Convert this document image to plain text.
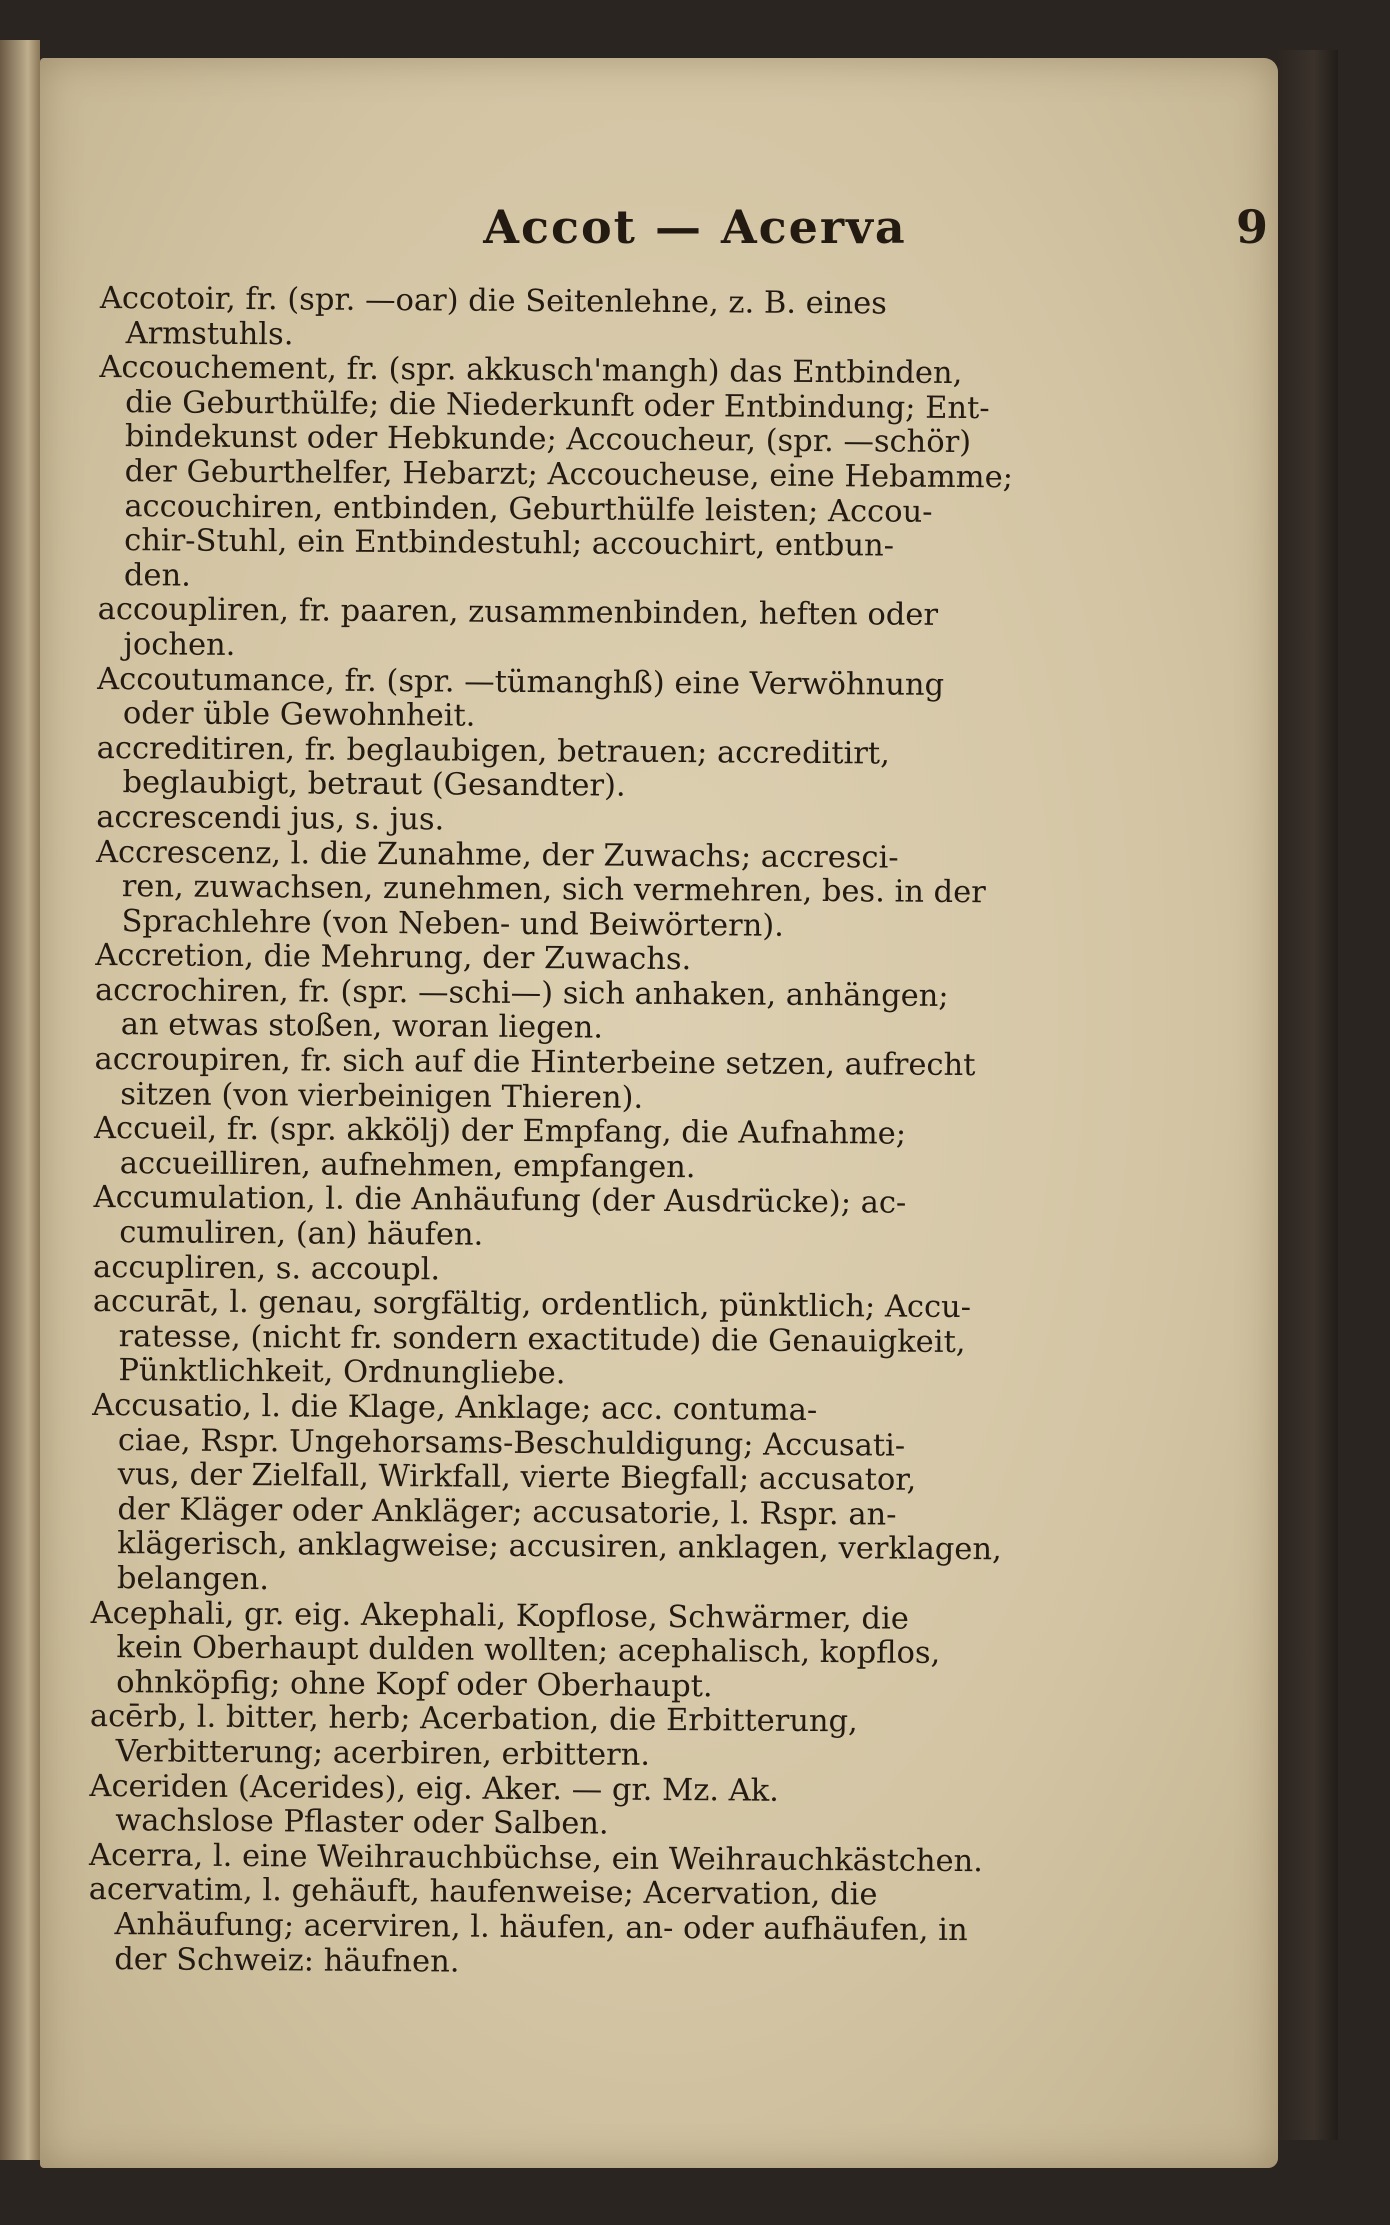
Accot — Acerva	9
Accotoir, fr. (spr. —oar) die Seitenlehne, z. B. eines
Armstuhls.
Accouchement, fr. (spr. akkusch'mangh) das Entbinden,
die Geburthülfe; die Niederkunft oder Entbindung; Ent-
bindekunst oder Hebkunde; Accoucheur, (spr. —schör)
der Geburthelfer, Hebarzt; Accoucheuse, eine Hebamme;
accouchiren, entbinden, Geburthülfe leisten; Accou-
chir-Stuhl, ein Entbindestuhl; accouchirt, entbun-
den.
accoupliren, fr. paaren, zusammenbinden, heften oder
jochen.
Accoutumance, fr. (spr. —tümanghß) eine Verwöhnung
oder üble Gewohnheit.
accreditiren, fr. beglaubigen, betrauen; accreditirt,
beglaubigt, betraut (Gesandter).
accrescendi jus, s. jus.
Accrescenz, l. die Zunahme, der Zuwachs; accresci-
ren, zuwachsen, zunehmen, sich vermehren, bes. in der
Sprachlehre (von Neben- und Beiwörtern).
Accretion, die Mehrung, der Zuwachs.
accrochiren, fr. (spr. —schi—) sich anhaken, anhängen;
an etwas stoßen, woran liegen.
accroupiren, fr. sich auf die Hinterbeine setzen, aufrecht
sitzen (von vierbeinigen Thieren).
Accueil, fr. (spr. akkölj) der Empfang, die Aufnahme;
accueilliren, aufnehmen, empfangen.
Accumulation, l. die Anhäufung (der Ausdrücke); ac-
cumuliren, (an) häufen.
accupliren, s. accoupl.
accurāt, l. genau, sorgfältig, ordentlich, pünktlich; Accu-
ratesse, (nicht fr. sondern exactitude) die Genauigkeit,
Pünktlichkeit, Ordnungliebe.
Accusatio, l. die Klage, Anklage; acc. contuma-
ciae, Rspr. Ungehorsams-Beschuldigung; Accusati-
vus, der Zielfall, Wirkfall, vierte Biegfall; accusator,
der Kläger oder Ankläger; accusatorie, l. Rspr. an-
klägerisch, anklagweise; accusiren, anklagen, verklagen,
belangen.
Acephali, gr. eig. Akephali, Kopflose, Schwärmer, die
kein Oberhaupt dulden wollten; acephalisch, kopflos,
ohnköpfig; ohne Kopf oder Oberhaupt.
acērb, l. bitter, herb; Acerbation, die Erbitterung,
Verbitterung; acerbiren, erbittern.
Aceriden (Acerides), eig. Aker. — gr. Mz. Ak.
wachslose Pflaster oder Salben.
Acerra, l. eine Weihrauchbüchse, ein Weihrauchkästchen.
acervatim, l. gehäuft, haufenweise; Acervation, die
Anhäufung; acerviren, l. häufen, an- oder aufhäufen, in
der Schweiz: häufnen.
